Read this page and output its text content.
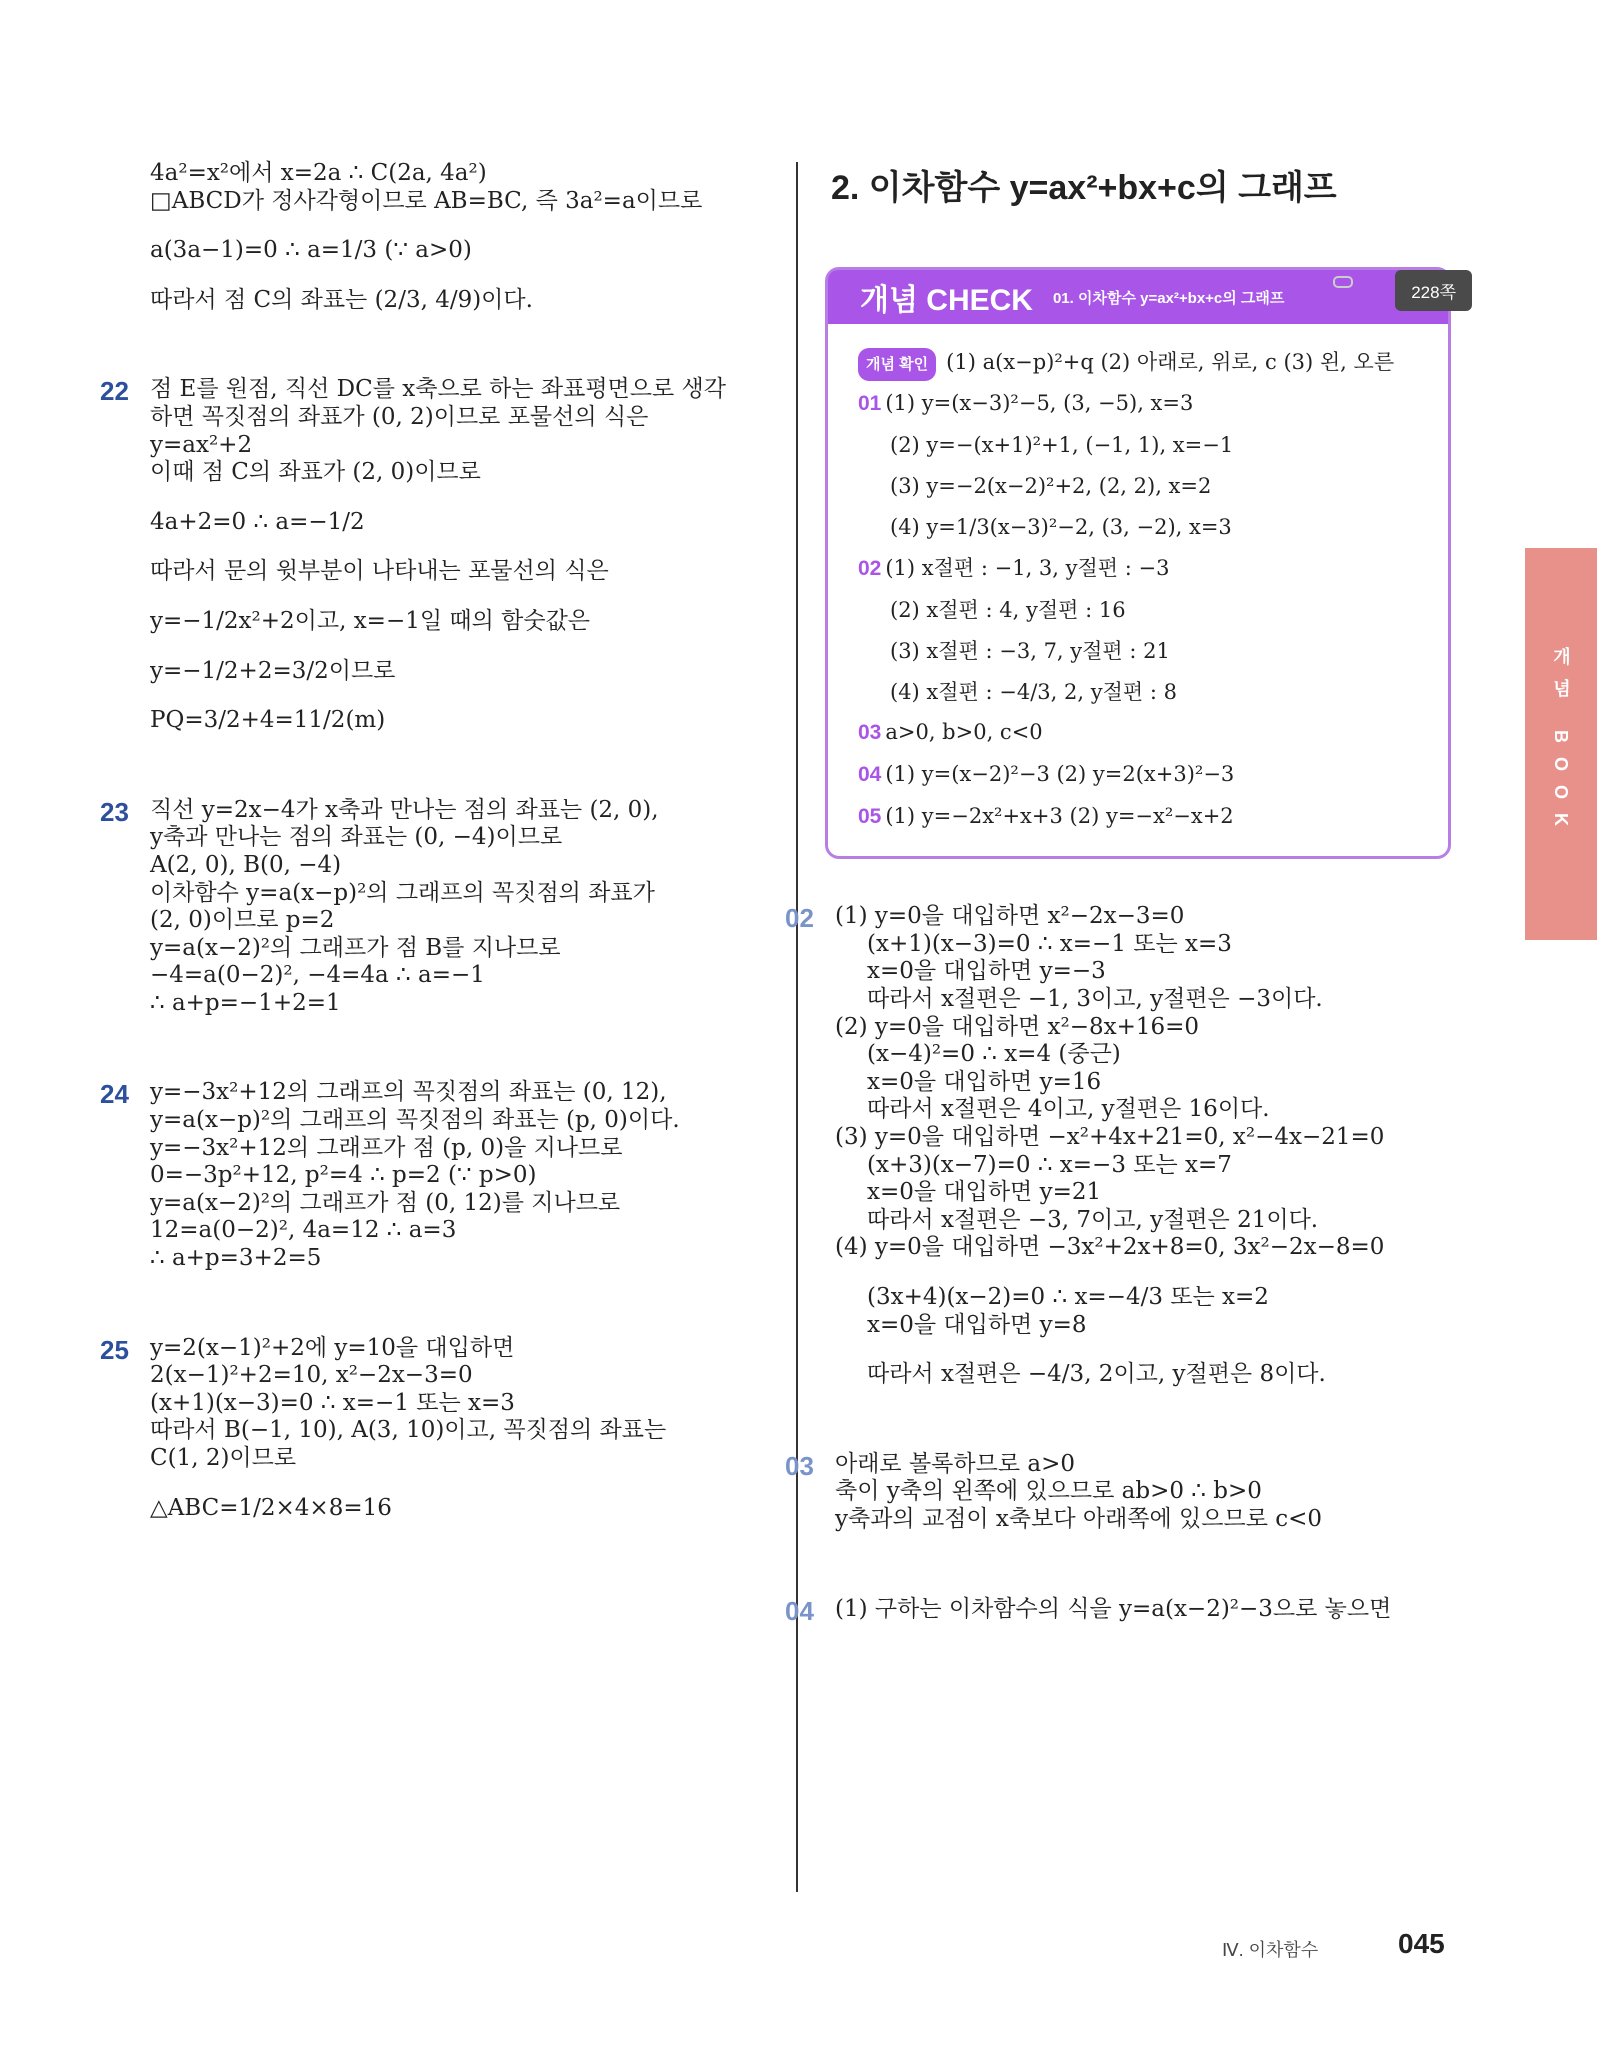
4a²=x²에서 x=2a ∴ C(2a, 4a²)

□ABCD가 정사각형이므로 AB=BC, 즉 3a²=a이므로

a(3a−1)=0 ∴ a=1/3 (∵ a>0)

따라서 점 C의 좌표는 (2/3, 4/9)이다.

22 점 E를 원점, 직선 DC를 x축으로 하는 좌표평면으로 생각

하면 꼭짓점의 좌표가 (0, 2)이므로 포물선의 식은

y=ax²+2

이때 점 C의 좌표가 (2, 0)이므로

4a+2=0 ∴ a=−1/2

따라서 문의 윗부분이 나타내는 포물선의 식은

y=−1/2x²+2이고, x=−1일 때의 함숫값은

y=−1/2+2=3/2이므로

PQ=3/2+4=11/2(m)

23 직선 y=2x−4가 x축과 만나는 점의 좌표는 (2, 0),

y축과 만나는 점의 좌표는 (0, −4)이므로

A(2, 0), B(0, −4)

이차함수 y=a(x−p)²의 그래프의 꼭짓점의 좌표가

(2, 0)이므로 p=2

y=a(x−2)²의 그래프가 점 B를 지나므로

−4=a(0−2)², −4=4a ∴ a=−1

∴ a+p=−1+2=1

24 y=−3x²+12의 그래프의 꼭짓점의 좌표는 (0, 12),

y=a(x−p)²의 그래프의 꼭짓점의 좌표는 (p, 0)이다.

y=−3x²+12의 그래프가 점 (p, 0)을 지나므로

0=−3p²+12, p²=4 ∴ p=2 (∵ p>0)

y=a(x−2)²의 그래프가 점 (0, 12)를 지나므로

12=a(0−2)², 4a=12 ∴ a=3

∴ a+p=3+2=5

25 y=2(x−1)²+2에 y=10을 대입하면

2(x−1)²+2=10, x²−2x−3=0

(x+1)(x−3)=0 ∴ x=−1 또는 x=3

따라서 B(−1, 10), A(3, 10)이고, 꼭짓점의 좌표는

C(1, 2)이므로

△ABC=1/2×4×8=16

2. 이차함수 y=ax²+bx+c의 그래프
개념 CHECK 01. 이차함수 y=ax²+bx+c의 그래프	228쪽

개념 확인 (1) a(x−p)²+q (2) 아래로, 위로, c (3) 왼, 오른

01 (1) y=(x−3)²−5, (3, −5), x=3

(2) y=−(x+1)²+1, (−1, 1), x=−1

(3) y=−2(x−2)²+2, (2, 2), x=2

(4) y=1/3(x−3)²−2, (3, −2), x=3

02 (1) x절편 : −1, 3, y절편 : −3

(2) x절편 : 4, y절편 : 16

(3) x절편 : −3, 7, y절편 : 21

(4) x절편 : −4/3, 2, y절편 : 8

03 a>0, b>0, c<0

04 (1) y=(x−2)²−3 (2) y=2(x+3)²−3

05 (1) y=−2x²+x+3 (2) y=−x²−x+2

02 (1) y=0을 대입하면 x²−2x−3=0

(x+1)(x−3)=0 ∴ x=−1 또는 x=3

x=0을 대입하면 y=−3

따라서 x절편은 −1, 3이고, y절편은 −3이다.

(2) y=0을 대입하면 x²−8x+16=0

(x−4)²=0 ∴ x=4 (중근)

x=0을 대입하면 y=16

따라서 x절편은 4이고, y절편은 16이다.

(3) y=0을 대입하면 −x²+4x+21=0, x²−4x−21=0

(x+3)(x−7)=0 ∴ x=−3 또는 x=7

x=0을 대입하면 y=21

따라서 x절편은 −3, 7이고, y절편은 21이다.

(4) y=0을 대입하면 −3x²+2x+8=0, 3x²−2x−8=0

(3x+4)(x−2)=0 ∴ x=−4/3 또는 x=2

x=0을 대입하면 y=8

따라서 x절편은 −4/3, 2이고, y절편은 8이다.

03 아래로 볼록하므로 a>0

축이 y축의 왼쪽에 있으므로 ab>0 ∴ b>0

y축과의 교점이 x축보다 아래쪽에 있으므로 c<0

04 (1) 구하는 이차함수의 식을 y=a(x−2)²−3으로 놓으면

개념 BOOK
Ⅳ. 이차함수	045
